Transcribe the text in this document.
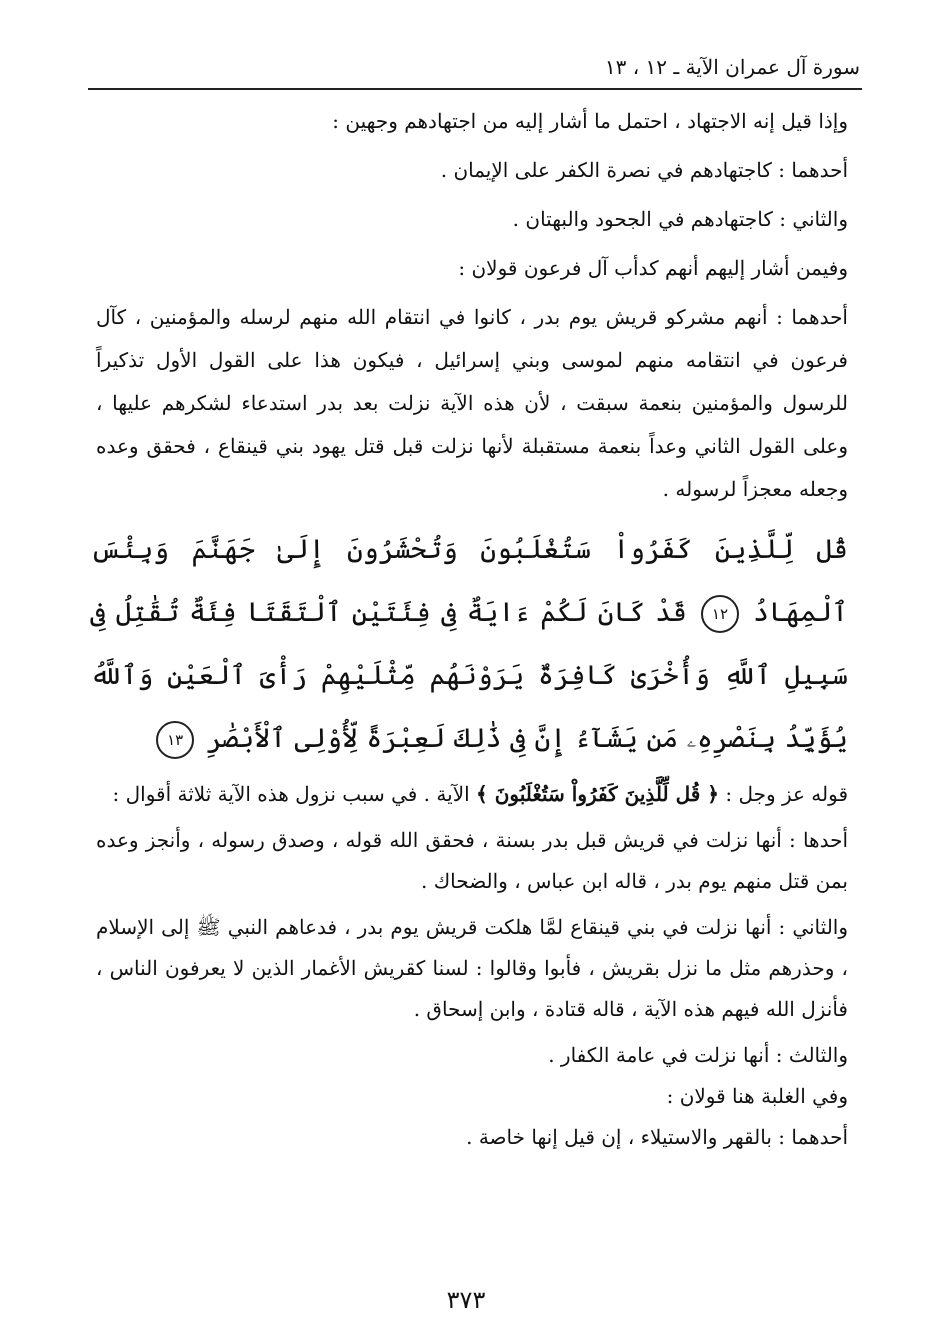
سورة آل عمران الآية ـ ١٢ ، ١٣

وإذا قيل إنه الاجتهاد ، احتمل ما أشار إليه من اجتهادهم وجهين :

أحدهما : كاجتهادهم في نصرة الكفر على الإيمان .

والثاني : كاجتهادهم في الجحود والبهتان .

وفيمن أشار إليهم أنهم كدأب آل فرعون قولان :

أحدهما : أنهم مشركو قريش يوم بدر ، كانوا في انتقام الله منهم لرسله والمؤمنين ، كآل فرعون في انتقامه منهم لموسى وبني إسرائيل ، فيكون هذا على القول الأول تذكيراً للرسول والمؤمنين بنعمة سبقت ، لأن هذه الآية نزلت بعد بدر استدعاء لشكرهم عليها ، وعلى القول الثاني وعداً بنعمة مستقبلة لأنها نزلت قبل قتل يهود بني قينقاع ، فحقق وعده وجعله معجزاً لرسوله .

قُل لِّلَّذِينَ كَفَرُواْ سَتُغْلَبُونَ وَتُحْشَرُونَ إِلَىٰ جَهَنَّمَ وَبِئْسَ ٱلْمِهَادُ ١٢ قَدْ كَانَ لَكُمْ ءَايَةٌ فِى فِئَتَيْنِ ٱلْتَقَتَا فِئَةٌ تُقَٰتِلُ فِى سَبِيلِ ٱللَّهِ وَأُخْرَىٰ كَافِرَةٌ يَرَوْنَهُم مِّثْلَيْهِمْ رَأْىَ ٱلْعَيْنِ وَٱللَّهُ يُؤَيِّدُ بِنَصْرِهِۦ مَن يَشَآءُ إِنَّ فِى ذَٰلِكَ لَعِبْرَةً لِّأُوْلِى ٱلْأَبْصَٰرِ ١٣

قوله عز وجل : ﴿ قُل لِّلَّذِينَ كَفَرُواْ سَتُغْلَبُونَ ﴾ الآية . في سبب نزول هذه الآية ثلاثة أقوال :

أحدها : أنها نزلت في قريش قبل بدر بسنة ، فحقق الله قوله ، وصدق رسوله ، وأنجز وعده بمن قتل منهم يوم بدر ، قاله ابن عباس ، والضحاك .

والثاني : أنها نزلت في بني قينقاع لمَّا هلكت قريش يوم بدر ، فدعاهم النبي ﷺ إلى الإسلام ، وحذرهم مثل ما نزل بقريش ، فأبوا وقالوا : لسنا كقريش الأغمار الذين لا يعرفون الناس ، فأنزل الله فيهم هذه الآية ، قاله قتادة ، وابن إسحاق .

والثالث : أنها نزلت في عامة الكفار .

وفي الغلبة هنا قولان :

أحدهما : بالقهر والاستيلاء ، إن قيل إنها خاصة .

٣٧٣
